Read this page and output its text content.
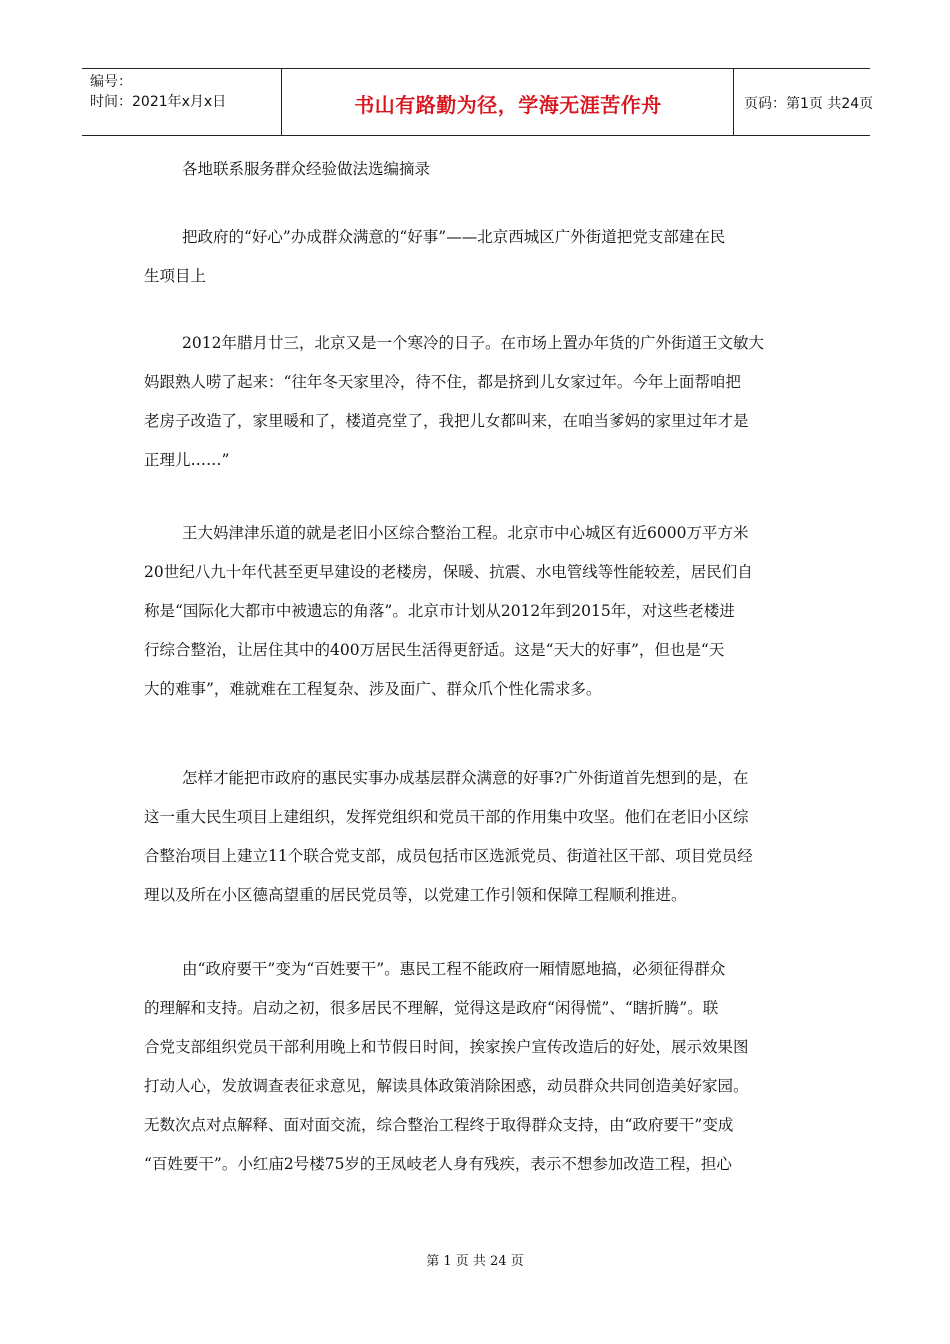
编号：
时间：2021年x月x日	书山有路勤为径，学海无涯苦作舟	页码：第1页 共24页

各地联系服务群众经验做法选编摘录

把政府的“好心”办成群众满意的“好事”——北京西城区广外街道把党支部建在民
生项目上

2012年腊月廿三，北京又是一个寒冷的日子。在市场上置办年货的广外街道王文敏大
妈跟熟人唠了起来：“往年冬天家里冷，待不住，都是挤到儿女家过年。今年上面帮咱把
老房子改造了，家里暖和了，楼道亮堂了，我把儿女都叫来，在咱当爹妈的家里过年才是
正理儿……”

王大妈津津乐道的就是老旧小区综合整治工程。北京市中心城区有近6000万平方米
20世纪八九十年代甚至更早建设的老楼房，保暖、抗震、水电管线等性能较差，居民们自
称是“国际化大都市中被遗忘的角落”。北京市计划从2012年到2015年，对这些老楼进
行综合整治，让居住其中的400万居民生活得更舒适。这是“天大的好事”，但也是“天
大的难事”，难就难在工程复杂、涉及面广、群众爪个性化需求多。

怎样才能把市政府的惠民实事办成基层群众满意的好事?广外街道首先想到的是，在
这一重大民生项目上建组织，发挥党组织和党员干部的作用集中攻坚。他们在老旧小区综
合整治项目上建立11个联合党支部，成员包括市区选派党员、街道社区干部、项目党员经
理以及所在小区德高望重的居民党员等，以党建工作引领和保障工程顺利推进。

由“政府要干”变为“百姓要干”。惠民工程不能政府一厢情愿地搞，必须征得群众
的理解和支持。启动之初，很多居民不理解，觉得这是政府“闲得慌”、“瞎折腾”。联
合党支部组织党员干部利用晚上和节假日时间，挨家挨户宣传改造后的好处，展示效果图
打动人心，发放调查表征求意见，解读具体政策消除困惑，动员群众共同创造美好家园。
无数次点对点解释、面对面交流，综合整治工程终于取得群众支持，由“政府要干”变成
“百姓要干”。小红庙2号楼75岁的王凤岐老人身有残疾，表示不想参加改造工程，担心

第 1 页 共 24 页
